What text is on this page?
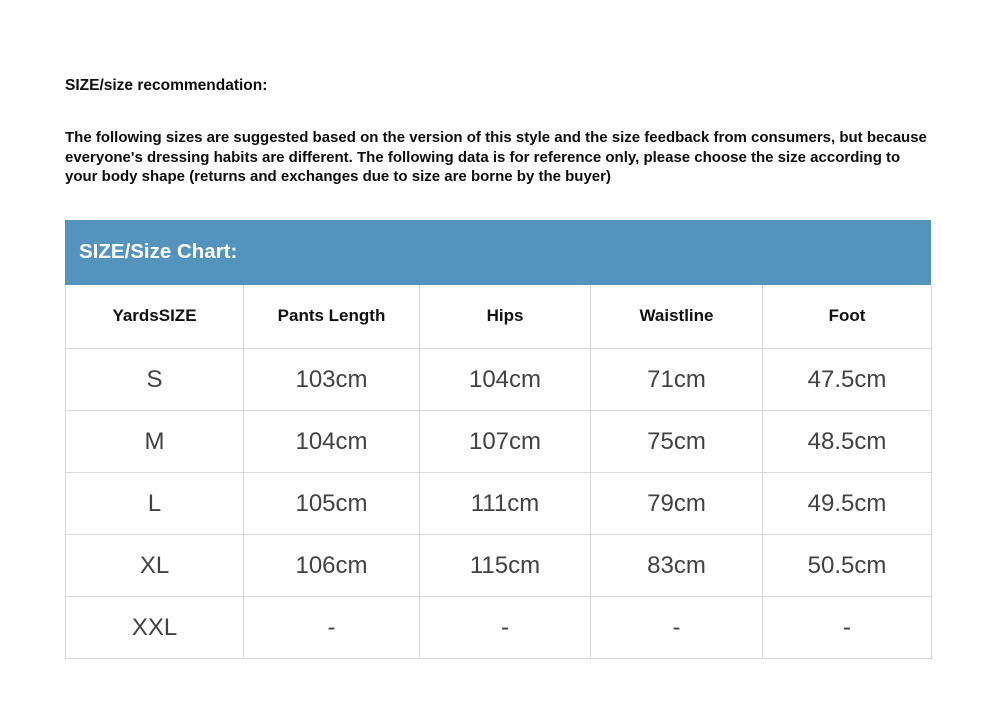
SIZE/size recommendation:

The following sizes are suggested based on the version of this style and the size feedback from consumers, but because everyone's dressing habits are different. The following data is for reference only, please choose the size according to your body shape (returns and exchanges due to size are borne by the buyer)

SIZE/Size Chart:
YardsSIZE	Pants Length	Hips	Waistline	Foot
S	103cm	104cm	71cm	47.5cm
M	104cm	107cm	75cm	48.5cm
L	105cm	111cm	79cm	49.5cm
XL	106cm	115cm	83cm	50.5cm
XXL	-	-	-	-
